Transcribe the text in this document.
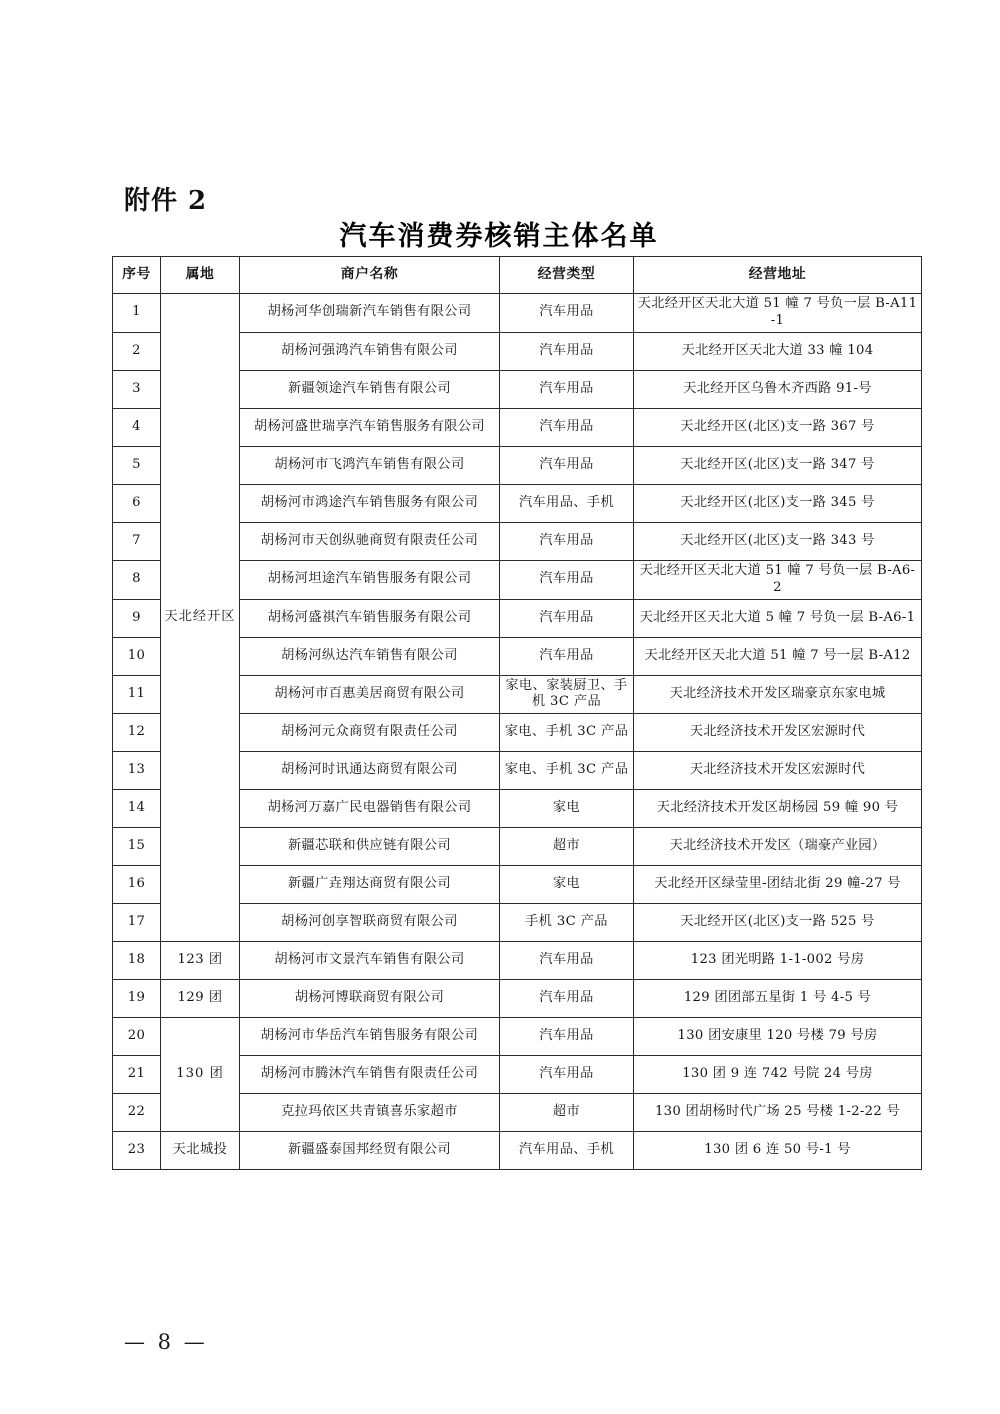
附件 2
汽车消费券核销主体名单
序号	属地	商户名称	经营类型	经营地址
1	天北经开区	胡杨河华创瑞新汽车销售有限公司	汽车用品	天北经开区天北大道 51 幢 7 号负一层 B-A11-1
2		胡杨河强鸿汽车销售有限公司	汽车用品	天北经开区天北大道 33 幢 104
3		新疆领途汽车销售有限公司	汽车用品	天北经开区乌鲁木齐西路 91-号
4		胡杨河盛世瑞享汽车销售服务有限公司	汽车用品	天北经开区(北区)支一路 367 号
5		胡杨河市飞鸿汽车销售有限公司	汽车用品	天北经开区(北区)支一路 347 号
6		胡杨河市鸿途汽车销售服务有限公司	汽车用品、手机	天北经开区(北区)支一路 345 号
7		胡杨河市天创纵驰商贸有限责任公司	汽车用品	天北经开区(北区)支一路 343 号
8		胡杨河坦途汽车销售服务有限公司	汽车用品	天北经开区天北大道 51 幢 7 号负一层 B-A6-2
9		胡杨河盛祺汽车销售服务有限公司	汽车用品	天北经开区天北大道 5 幢 7 号负一层 B-A6-1
10		胡杨河纵达汽车销售有限公司	汽车用品	天北经开区天北大道 51 幢 7 号一层 B-A12
11		胡杨河市百惠美居商贸有限公司	家电、家装厨卫、手机 3C 产品	天北经济技术开发区瑞豪京东家电城
12		胡杨河元众商贸有限责任公司	家电、手机 3C 产品	天北经济技术开发区宏源时代
13		胡杨河时讯通达商贸有限公司	家电、手机 3C 产品	天北经济技术开发区宏源时代
14		胡杨河万嘉广民电器销售有限公司	家电	天北经济技术开发区胡杨园 59 幢 90 号
15		新疆芯联和供应链有限公司	超市	天北经济技术开发区（瑞豪产业园）
16		新疆广垚翔达商贸有限公司	家电	天北经开区绿莹里-团结北街 29 幢-27 号
17		胡杨河创享智联商贸有限公司	手机 3C 产品	天北经开区(北区)支一路 525 号
18	123 团	胡杨河市文景汽车销售有限公司	汽车用品	123 团光明路 1-1-002 号房
19	129 团	胡杨河博联商贸有限公司	汽车用品	129 团团部五星街 1 号 4-5 号
20	130 团	胡杨河市华岳汽车销售服务有限公司	汽车用品	130 团安康里 120 号楼 79 号房
21		胡杨河市腾沐汽车销售有限责任公司	汽车用品	130 团 9 连 742 号院 24 号房
22		克拉玛依区共青镇喜乐家超市	超市	130 团胡杨时代广场 25 号楼 1-2-22 号
23	天北城投	新疆盛泰国邦经贸有限公司	汽车用品、手机	130 团 6 连 50 号-1 号
— 8 —
